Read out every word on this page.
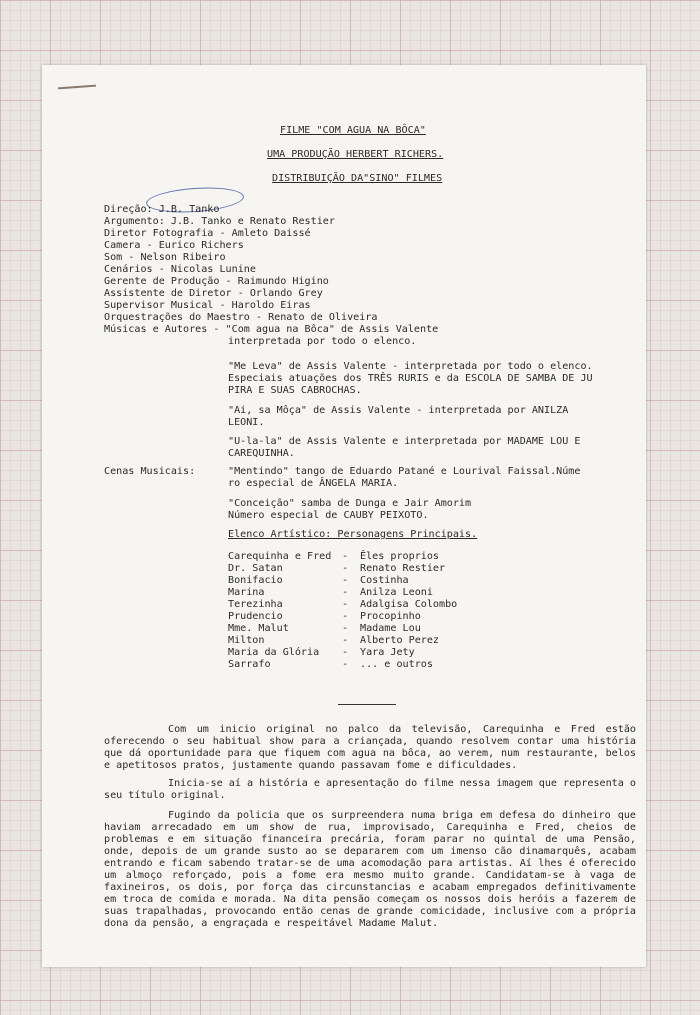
FILME "COM AGUA NA BÔCA"
UMA PRODUÇÃO HERBERT RICHERS.
DISTRIBUIÇÃO DA"SINO" FILMES
Direção: J.B. Tanko
Argumento: J.B. Tanko e Renato Restier
Diretor Fotografia - Amleto Daissé
Camera - Eurico Richers
Som - Nelson Ribeiro
Cenários - Nicolas Lunine
Gerente de Produção - Raimundo Higino
Assistente de Diretor - Orlando Grey
Supervisor Musical - Haroldo Eiras
Orquestrações do Maestro - Renato de Oliveira
Músicas e Autores - "Com agua na Bôca" de Assis Valente
interpretada por todo o elenco.
"Me Leva" de Assis Valente - interpretada por todo o elenco.
Especiais atuações dos TRÊS RURIS e da ESCOLA DE SAMBA DE JU
PIRA E SUAS CABROCHAS.
"Ai, sa Môça" de Assis Valente - interpretada por ANILZA
LEONI.
"U-la-la" de Assis Valente e interpretada por MADAME LOU E
CAREQUINHA.
Cenas Musicais:	"Mentindo" tango de Eduardo Patané e Lourival Faissal.Núme
ro especial de ÂNGELA MARIA.
"Conceição" samba de Dunga e Jair Amorim
Número especial de CAUBY PEIXOTO.
Elenco Artístico: Personagens Principais.
Carequinha e Fred - Êles proprios
Dr. Satan	- Renato Restier
Bonifacio	- Costinha
Marina	- Anilza Leoni
Terezinha	- Adalgisa Colombo
Prudencio	- Procopinho
Mme. Malut	- Madame Lou
Milton	- Alberto Perez
Maria da Glória - Yara Jety
Sarrafo	- ... e outros
Com um inicio original no palco da televisão, Carequinha e Fred estão oferecendo o seu habitual show para a criançada, quando resolvem contar uma história que dá oportunidade para que fiquem com agua na bôca, ao verem, num restaurante, belos e apetitosos pratos, justamente quando passavam fome e dificuldades.
Inicia-se aí a história e apresentação do filme nessa imagem que representa o seu título original.
Fugindo da policia que os surpreendera numa briga em defesa do dinheiro que haviam arrecadado em um show de rua, improvisado, Carequinha e Fred, cheios de problemas e em situação financeira precária, foram parar no quintal de uma Pensão, onde, depois de um grande susto ao se depararem com um imenso cão dinamarquês, acabam entrando e ficam sabendo tratar-se de uma acomodação para artistas. Aí lhes é oferecido um almoço reforçado, pois a fome era mesmo muito grande. Candidatam-se à vaga de faxineiros, os dois, por força das circunstancias e acabam empregados definitivamente em troca de comida e morada. Na dita pensão começam os nossos dois heróis a fazerem de suas trapalhadas, provocando então cenas de grande comicidade, inclusive com a própria dona da pensão, a engraçada e respeitável Madame Malut.
